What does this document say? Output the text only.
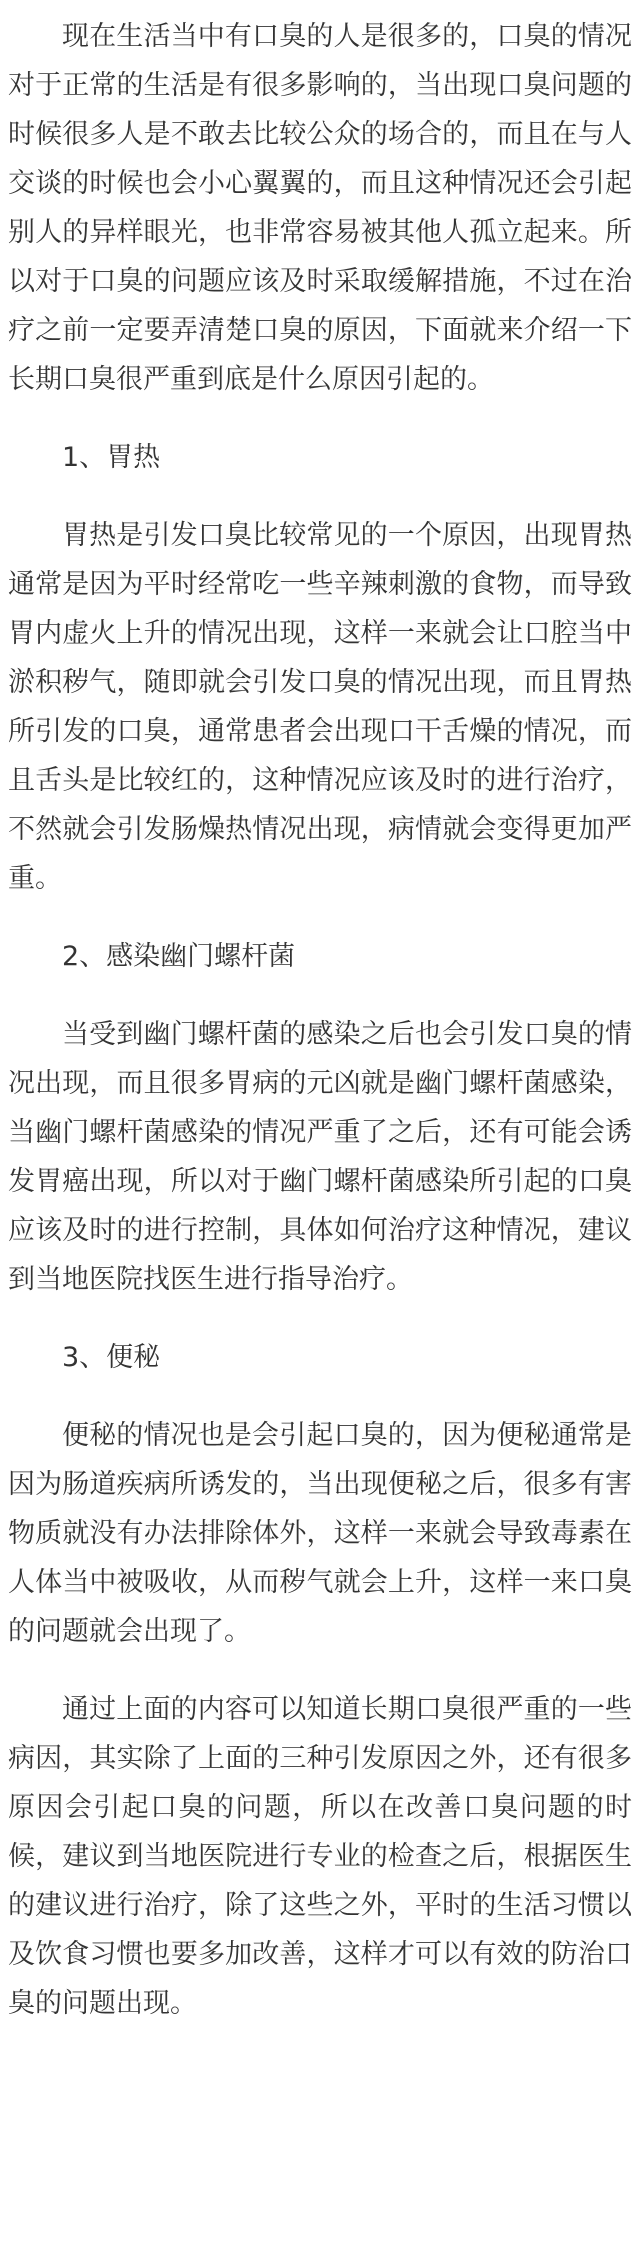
现在生活当中有口臭的人是很多的，口臭的情况对于正常的生活是有很多影响的，当出现口臭问题的时候很多人是不敢去比较公众的场合的，而且在与人交谈的时候也会小心翼翼的，而且这种情况还会引起别人的异样眼光，也非常容易被其他人孤立起来。所以对于口臭的问题应该及时采取缓解措施，不过在治疗之前一定要弄清楚口臭的原因，下面就来介绍一下长期口臭很严重到底是什么原因引起的。

1、胃热

胃热是引发口臭比较常见的一个原因，出现胃热通常是因为平时经常吃一些辛辣刺激的食物，而导致胃内虚火上升的情况出现，这样一来就会让口腔当中淤积秽气，随即就会引发口臭的情况出现，而且胃热所引发的口臭，通常患者会出现口干舌燥的情况，而且舌头是比较红的，这种情况应该及时的进行治疗，不然就会引发肠燥热情况出现，病情就会变得更加严重。

2、感染幽门螺杆菌

当受到幽门螺杆菌的感染之后也会引发口臭的情况出现，而且很多胃病的元凶就是幽门螺杆菌感染，当幽门螺杆菌感染的情况严重了之后，还有可能会诱发胃癌出现，所以对于幽门螺杆菌感染所引起的口臭应该及时的进行控制，具体如何治疗这种情况，建议到当地医院找医生进行指导治疗。

3、便秘

便秘的情况也是会引起口臭的，因为便秘通常是因为肠道疾病所诱发的，当出现便秘之后，很多有害物质就没有办法排除体外，这样一来就会导致毒素在人体当中被吸收，从而秽气就会上升，这样一来口臭的问题就会出现了。

通过上面的内容可以知道长期口臭很严重的一些病因，其实除了上面的三种引发原因之外，还有很多原因会引起口臭的问题，所以在改善口臭问题的时候，建议到当地医院进行专业的检查之后，根据医生的建议进行治疗，除了这些之外，平时的生活习惯以及饮食习惯也要多加改善，这样才可以有效的防治口臭的问题出现。
